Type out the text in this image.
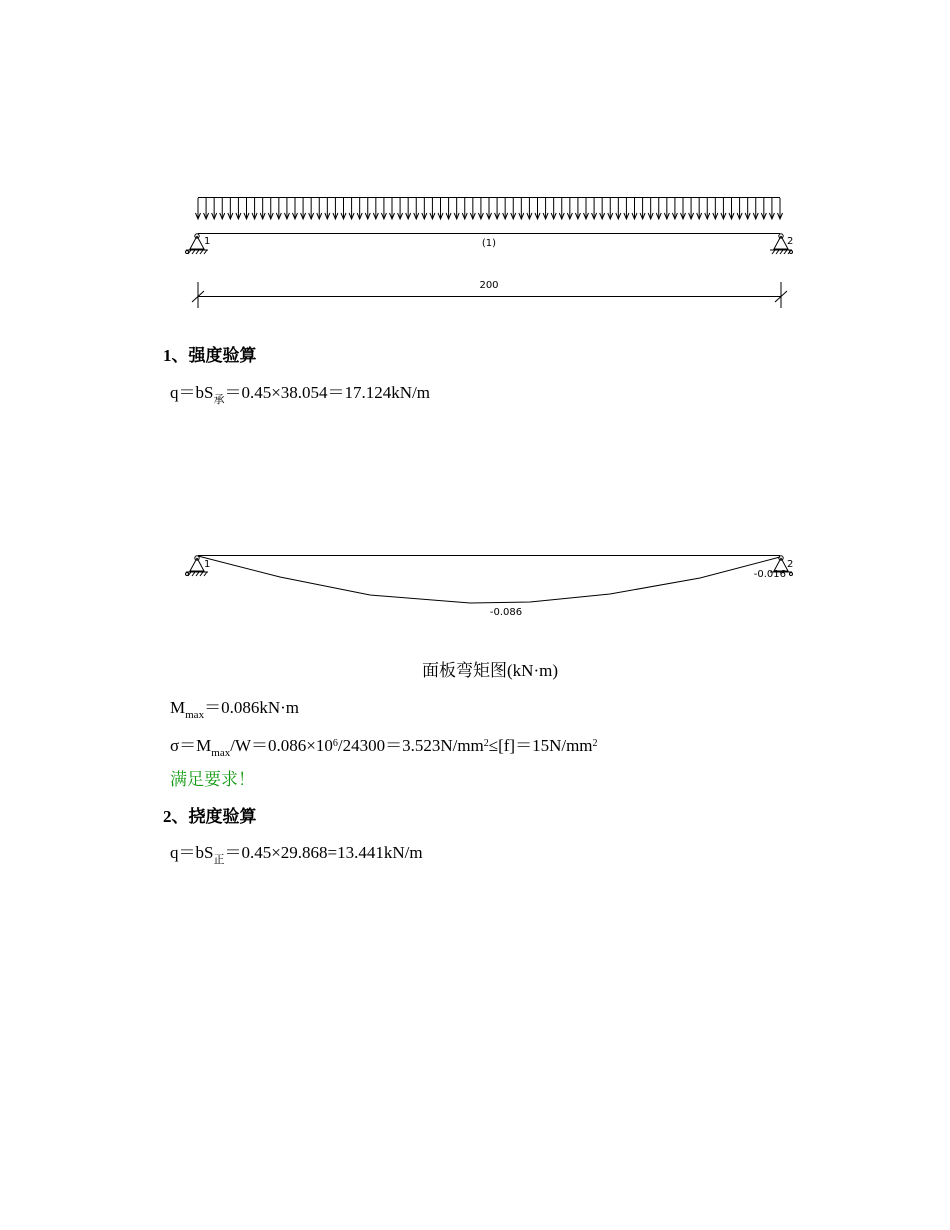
1	2
(1)
200
1	2
-0.086
-0.016
1、强度验算
$q=bS_承=0.45\times 38.054=17.124kN/m$
面板弯矩图(kN·m)
$M_{max}=0.086kN\cdot m$
$\sigma=M_{max}/W=0.086\times 10^6/24300=3.523N/mm^2\le[f]=15N/mm^2$
满足要求！
2、挠度验算
$q=bS_正=0.45\times 29.868=13.441kN/m$
